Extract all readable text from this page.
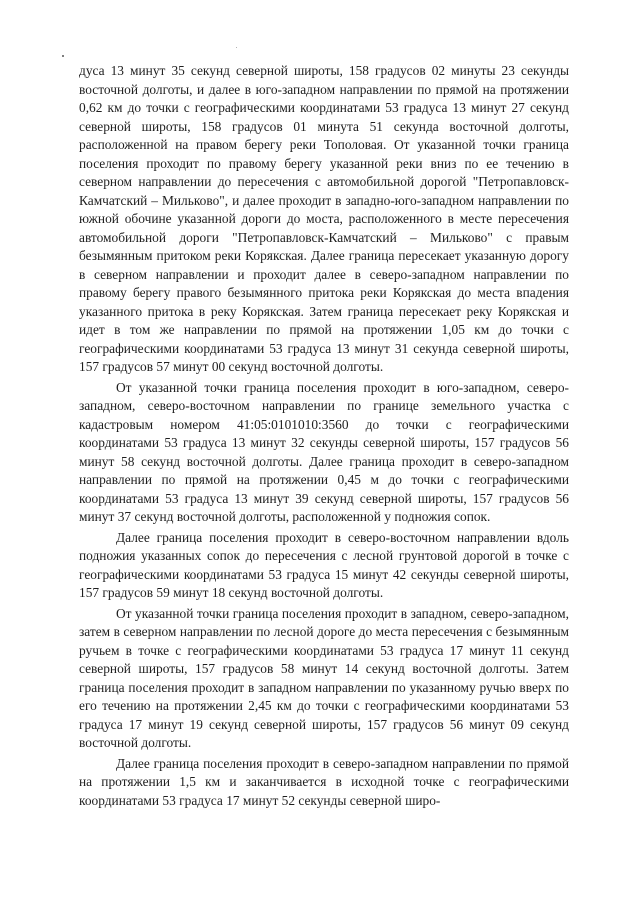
дуса 13 минут 35 секунд северной широты, 158 градусов 02 минуты 23 секунды восточной долготы, и далее в юго-западном направлении по прямой на протяжении 0,62 км до точки с географическими координатами 53 градуса 13 минут 27 секунд северной широты, 158 градусов 01 минута 51 секунда восточной долготы, расположенной на правом берегу реки Тополовая. От указанной точки граница поселения проходит по правому берегу указанной реки вниз по ее течению в северном направлении до пересечения с автомобильной дорогой "Петропавловск-Камчатский – Мильково", и далее проходит в западно-юго-западном направлении по южной обочине указанной дороги до моста, расположенного в месте пересечения автомобильной дороги "Петропавловск-Камчатский – Мильково" с правым безымянным притоком реки Корякская. Далее граница пересекает указанную дорогу в северном направлении и проходит далее в северо-западном направлении по правому берегу правого безымянного притока реки Корякская до места впадения указанного притока в реку Корякская. Затем граница пересекает реку Корякская и идет в том же направлении по прямой на протяжении 1,05 км до точки с географическими координатами 53 градуса 13 минут 31 секунда северной широты, 157 градусов 57 минут 00 секунд восточной долготы.

От указанной точки граница поселения проходит в юго-западном, северо-западном, северо-восточном направлении по границе земельного участка с кадастровым номером 41:05:0101010:3560 до точки с географическими координатами 53 градуса 13 минут 32 секунды северной широты, 157 градусов 56 минут 58 секунд восточной долготы. Далее граница проходит в северо-западном направлении по прямой на протяжении 0,45 м до точки с географическими координатами 53 градуса 13 минут 39 секунд северной широты, 157 градусов 56 минут 37 секунд восточной долготы, расположенной у подножия сопок.

Далее граница поселения проходит в северо-восточном направлении вдоль подножия указанных сопок до пересечения с лесной грунтовой дорогой в точке с географическими координатами 53 градуса 15 минут 42 секунды северной широты, 157 градусов 59 минут 18 секунд восточной долготы.

От указанной точки граница поселения проходит в западном, северо-западном, затем в северном направлении по лесной дороге до места пересечения с безымянным ручьем в точке с географическими координатами 53 градуса 17 минут 11 секунд северной широты, 157 градусов 58 минут 14 секунд восточной долготы. Затем граница поселения проходит в западном направлении по указанному ручью вверх по его течению на протяжении 2,45 км до точки с географическими координатами 53 градуса 17 минут 19 секунд северной широты, 157 градусов 56 минут 09 секунд восточной долготы.

Далее граница поселения проходит в северо-западном направлении по прямой на протяжении 1,5 км и заканчивается в исходной точке с географическими координатами 53 градуса 17 минут 52 секунды северной широ-
